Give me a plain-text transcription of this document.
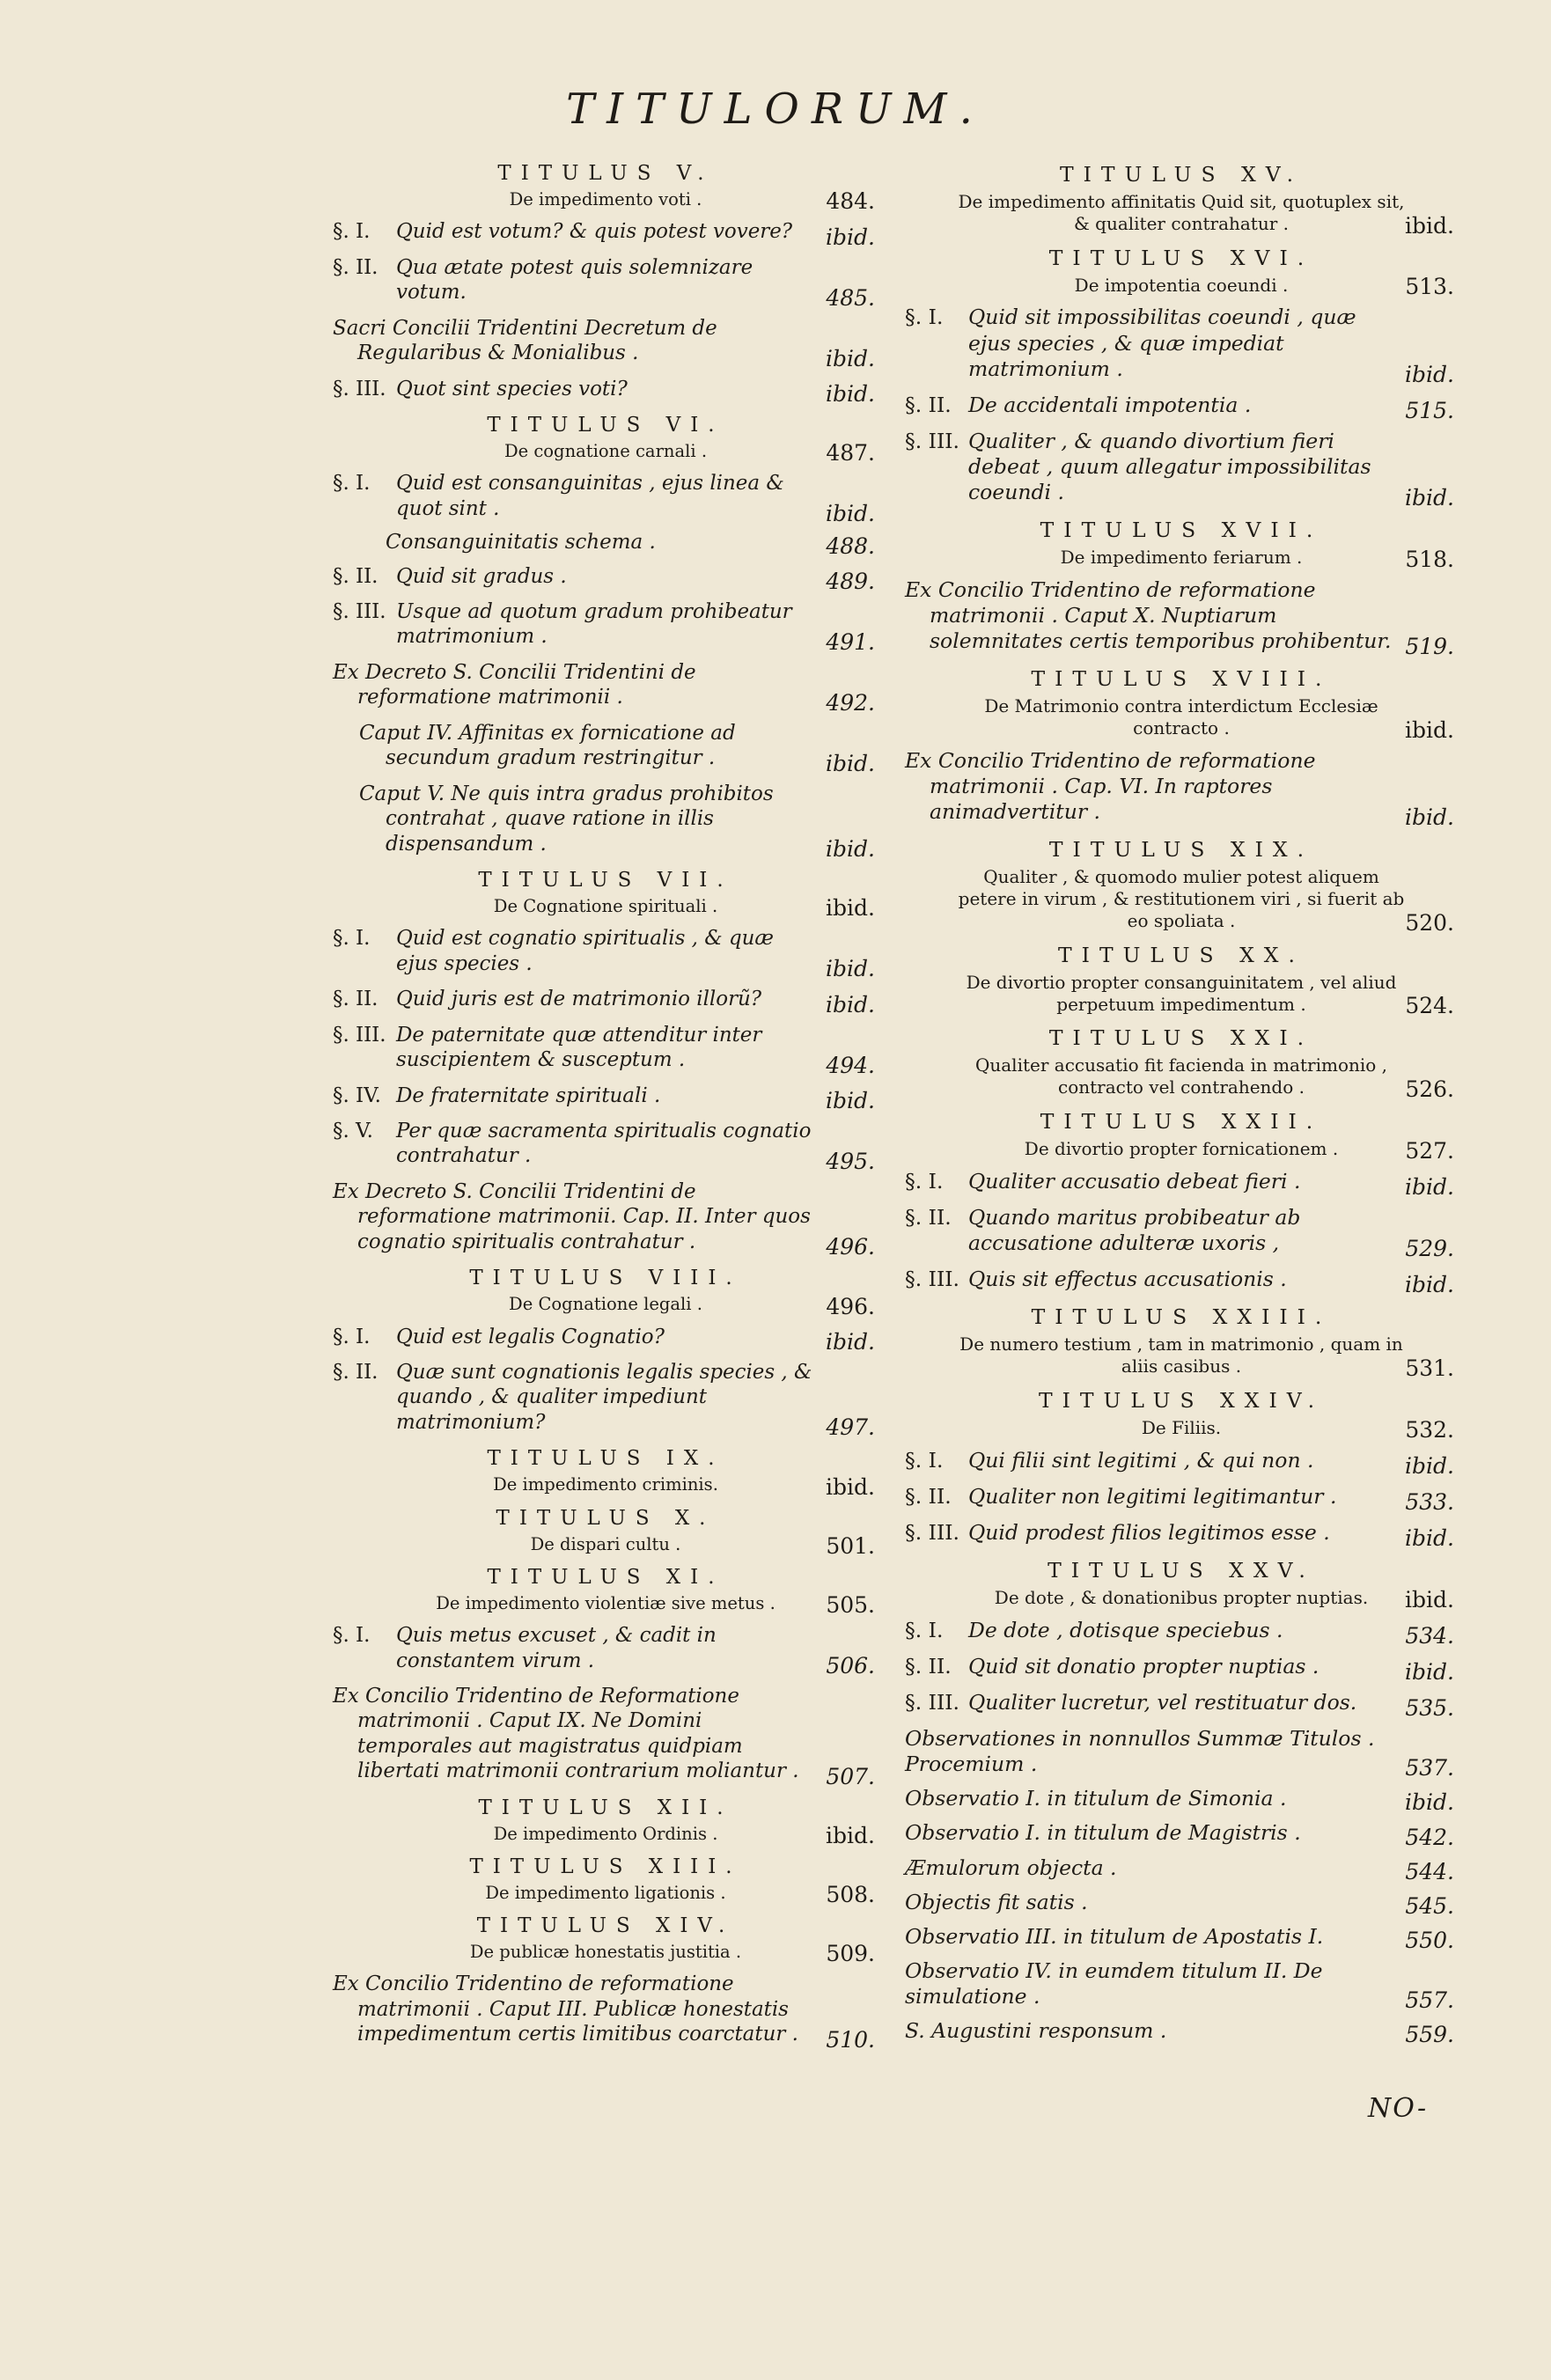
TITULORUM.
TITULUS V.
De impedimento voti .	484.
§. I. Quid est votum? & quis potest vovere?	ibid.
§. II. Qua ætate potest quis solemnizare votum.	485.
Sacri Concilii Tridentini Decretum de Regularibus & Monialibus .	ibid.
§. III. Quot sint species voti?	ibid.
TITULUS VI.
De cognatione carnali .	487.
§. I. Quid est consanguinitas , ejus linea & quot sint .	ibid.
Consanguinitatis schema .	488.
§. II. Quid sit gradus .	489.
§. III. Usque ad quotum gradum prohibeatur matrimonium .	491.
Ex Decreto S. Concilii Tridentini de reformatione matrimonii .	492.
Caput IV. Affinitas ex fornicatione ad secundum gradum restringitur .	ibid.
Caput V. Ne quis intra gradus prohibitos contrahat , quave ratione in illis dispensandum .	ibid.
TITULUS VII.
De Cognatione spirituali .	ibid.
§. I. Quid est cognatio spiritualis , & quæ ejus species .	ibid.
§. II. Quid juris est de matrimonio illorũ?	ibid.
§. III. De paternitate quæ attenditur inter suscipientem & susceptum .	494.
§. IV. De fraternitate spirituali .	ibid.
§. V. Per quæ sacramenta spiritualis cognatio contrahatur .	495.
Ex Decreto S. Concilii Tridentini de reformatione matrimonii. Cap. II. Inter quos cognatio spiritualis contrahatur .	496.
TITULUS VIII.
De Cognatione legali .	496.
§. I. Quid est legalis Cognatio?	ibid.
§. II. Quæ sunt cognationis legalis species , & quando , & qualiter impediunt matrimonium?	497.
TITULUS IX.
De impedimento criminis.	ibid.
TITULUS X.
De dispari cultu .	501.
TITULUS XI.
De impedimento violentiæ sive metus .	505.
§. I. Quis metus excuset , & cadit in constantem virum .	506.
Ex Concilio Tridentino de Reformatione matrimonii . Caput IX. Ne Domini temporales aut magistratus quidpiam libertati matrimonii contrarium moliantur .	507.
TITULUS XII.
De impedimento Ordinis .	ibid.
TITULUS XIII.
De impedimento ligationis .	508.
TITULUS XIV.
De publicæ honestatis justitia .	509.
Ex Concilio Tridentino de reformatione matrimonii . Caput III. Publicæ honestatis impedimentum certis limitibus coarctatur .	510.
TITULUS XV.
De impedimento affinitatis Quid sit, quotuplex sit, & qualiter contrahatur .	ibid.
TITULUS XVI.
De impotentia coeundi .	513.
§. I. Quid sit impossibilitas coeundi , quæ ejus species , & quæ impediat matrimonium .	ibid.
§. II. De accidentali impotentia .	515.
§. III. Qualiter , & quando divortium fieri debeat , quum allegatur impossibilitas coeundi .	ibid.
TITULUS XVII.
De impedimento feriarum .	518.
Ex Concilio Tridentino de reformatione matrimonii . Caput X. Nuptiarum solemnitates certis temporibus prohibentur. 519.
TITULUS XVIII.
De Matrimonio contra interdictum Ecclesiæ contracto .	ibid.
Ex Concilio Tridentino de reformatione matrimonii . Cap. VI. In raptores animadvertitur .	ibid.
TITULUS XIX.
Qualiter , & quomodo mulier potest aliquem petere in virum , & restitutionem viri , si fuerit ab eo spoliata .	520.
TITULUS XX.
De divortio propter consanguinitatem , vel aliud perpetuum impedimentum .	524.
TITULUS XXI.
Qualiter accusatio fit facienda in matrimonio , contracto vel contrahendo .	526.
TITULUS XXII.
De divortio propter fornicationem .	527.
§. I. Qualiter accusatio debeat fieri .	ibid.
§. II. Quando maritus probibeatur ab accusatione adulteræ uxoris ,	529.
§. III. Quis sit effectus accusationis .	ibid.
TITULUS XXIII.
De numero testium , tam in matrimonio , quam in aliis casibus .	531.
TITULUS XXIV.
De Filiis.	532.
§. I. Qui filii sint legitimi , & qui non .	ibid.
§. II. Qualiter non legitimi legitimantur .	533.
§. III. Quid prodest filios legitimos esse .	ibid.
TITULUS XXV.
De dote , & donationibus propter nuptias.	ibid.
§. I. De dote , dotisque speciebus .	534.
§. II. Quid sit donatio propter nuptias .	ibid.
§. III. Qualiter lucretur, vel restituatur dos.	535.
Observationes in nonnullos Summæ Titulos . Procemium .	537.
Observatio I. in titulum de Simonia .	ibid.
Observatio I. in titulum de Magistris .	542.
Æmulorum objecta .	544.
Objectis fit satis .	545.
Observatio III. in titulum de Apostatis I.	550.
Observatio IV. in eumdem titulum II. De simulatione .	557.
S. Augustini responsum .	559.
NO-
